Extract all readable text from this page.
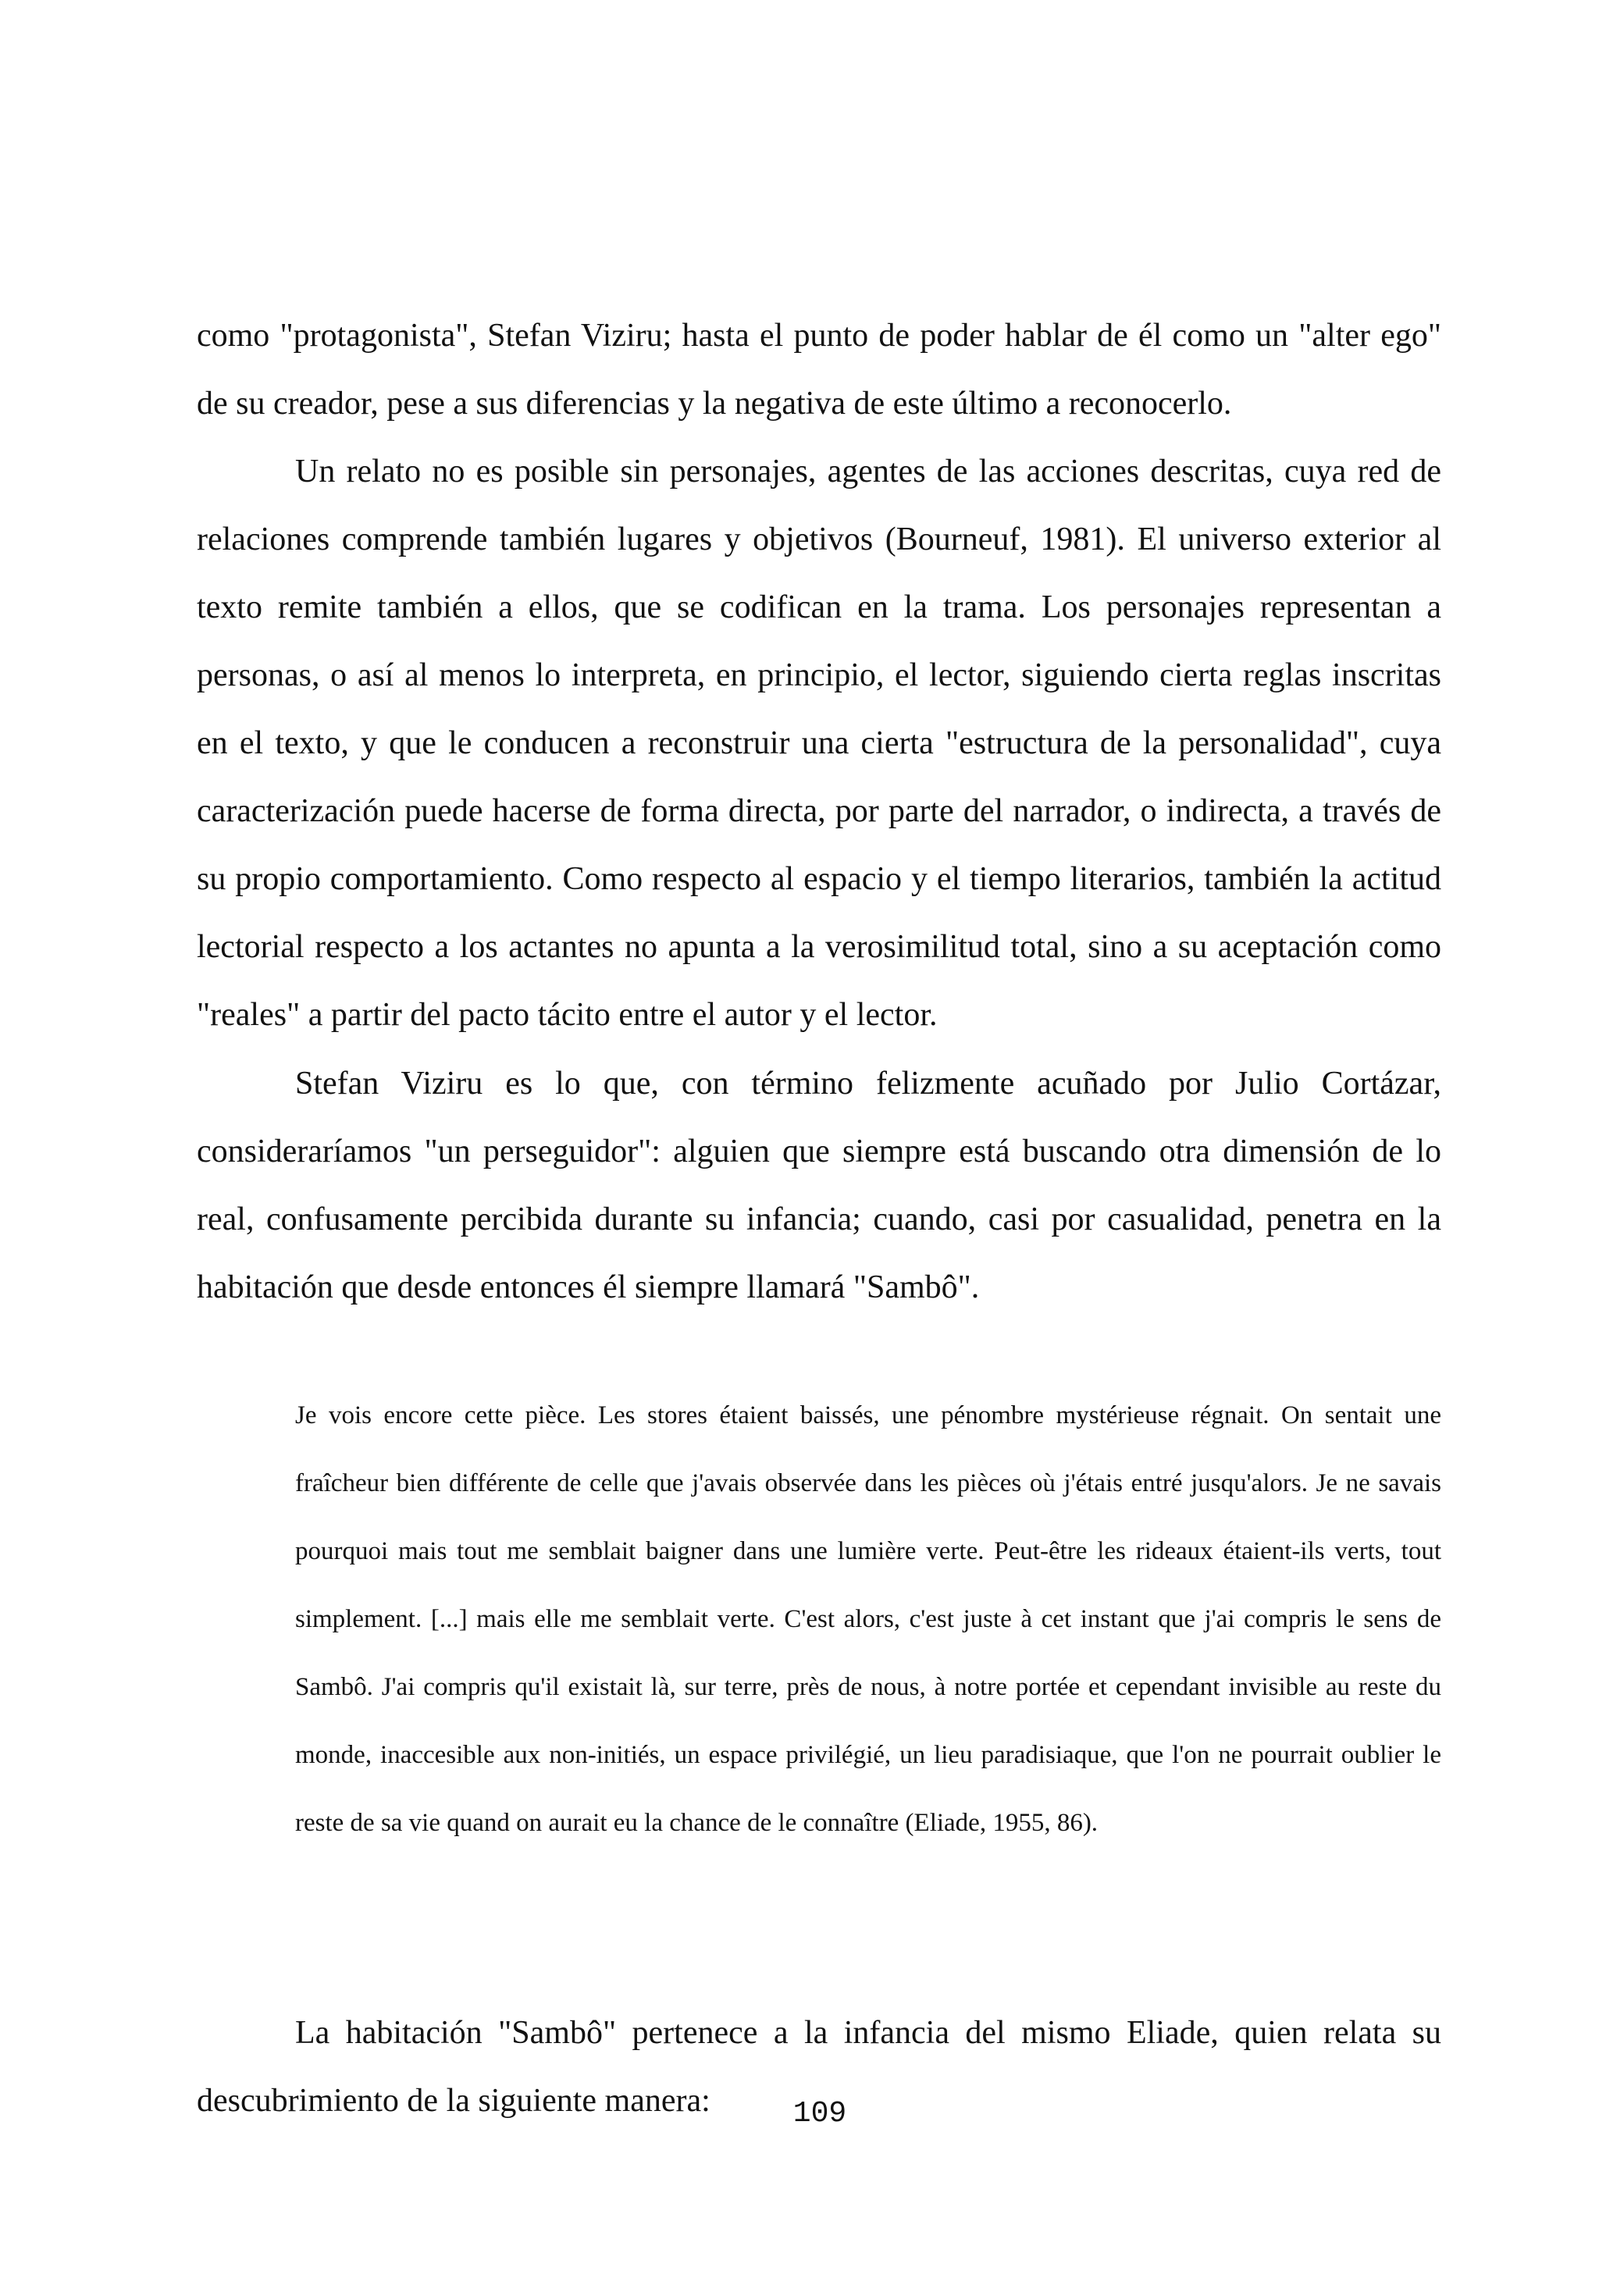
como "protagonista", Stefan Viziru; hasta el punto de poder hablar de él como un "alter ego" de su creador, pese a sus diferencias y la negativa de este último a reconocerlo.

Un relato no es posible sin personajes, agentes de las acciones descritas, cuya red de relaciones comprende también lugares y objetivos (Bourneuf, 1981). El universo exterior al texto remite también a ellos, que se codifican en la trama. Los personajes representan a personas, o así al menos lo interpreta, en principio, el lector, siguiendo cierta reglas inscritas en el texto, y que le conducen a reconstruir una cierta "estructura de la personalidad", cuya caracterización puede hacerse de forma directa, por parte del narrador, o indirecta, a través de su propio comportamiento. Como respecto al espacio y el tiempo literarios, también la actitud lectorial respecto a los actantes no apunta a la verosimilitud total, sino a su aceptación como "reales" a partir del pacto tácito entre el autor y el lector.

Stefan Viziru es lo que, con término felizmente acuñado por Julio Cortázar, consideraríamos "un perseguidor": alguien que siempre está buscando otra dimensión de lo real, confusamente percibida durante su infancia; cuando, casi por casualidad, penetra en la habitación que desde entonces él siempre llamará "Sambô".

Je vois encore cette pièce. Les stores étaient baissés, une pénombre mystérieuse régnait. On sentait une fraîcheur bien différente de celle que j'avais observée dans les pièces où j'étais entré jusqu'alors. Je ne savais pourquoi mais tout me semblait baigner dans une lumière verte. Peut-être les rideaux étaient-ils verts, tout simplement. [...] mais elle me semblait verte. C'est alors, c'est juste à cet instant que j'ai compris le sens de Sambô. J'ai compris qu'il existait là, sur terre, près de nous, à notre portée et cependant invisible au reste du monde, inaccesible aux non-initiés, un espace privilégié, un lieu paradisiaque, que l'on ne pourrait oublier le reste de sa vie quand on aurait eu la chance de le connaître (Eliade, 1955, 86).

La habitación "Sambô" pertenece a la infancia del mismo Eliade, quien relata su descubrimiento de la siguiente manera:	109
